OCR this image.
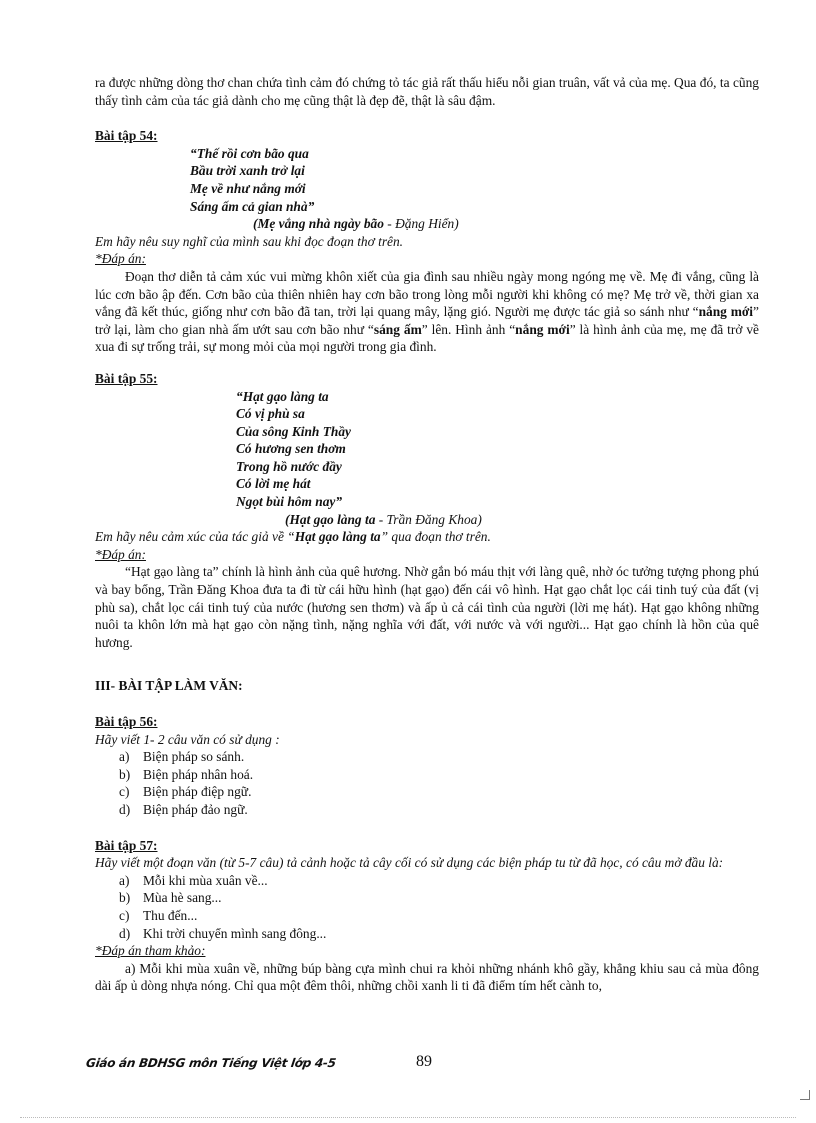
ra được những dòng thơ chan chứa tình cảm đó chứng tỏ tác giả rất thấu hiểu nỗi gian truân, vất vả của mẹ. Qua đó, ta cũng thấy tình cảm của tác giả dành cho mẹ cũng thật là đẹp đẽ, thật là sâu đậm.

Bài tập 54:

“Thế rồi cơn bão qua

Bầu trời xanh trở lại

Mẹ về như nắng mới

Sáng ấm cả gian nhà”

(Mẹ vắng nhà ngày bão - Đặng Hiển)

Em hãy nêu suy nghĩ của mình sau khi đọc đoạn thơ trên.

*Đáp án:

Đoạn thơ diễn tả cảm xúc vui mừng khôn xiết của gia đình sau nhiều ngày mong ngóng mẹ về. Mẹ đi vắng, cũng là lúc cơn bão ập đến. Cơn bão của thiên nhiên hay cơn bão trong lòng mỗi người khi không có mẹ? Mẹ trở về, thời gian xa vắng đã kết thúc, giống như cơn bão đã tan, trời lại quang mây, lặng gió. Người mẹ được tác giả so sánh như “nắng mới” trở lại, làm cho gian nhà ấm ướt sau cơn bão như “sáng ấm” lên. Hình ảnh “nắng mới” là hình ảnh của mẹ, mẹ đã trở về xua đi sự trống trải, sự mong mỏi của mọi người trong gia đình.

Bài tập 55:

“Hạt gạo làng ta

Có vị phù sa

Của sông Kinh Thầy

Có hương sen thơm

Trong hồ nước đầy

Có lời mẹ hát

Ngọt bùi hôm nay”

(Hạt gạo làng ta - Trần Đăng Khoa)

Em hãy nêu cảm xúc của tác giả về “Hạt gạo làng ta” qua đoạn thơ trên.

*Đáp án:

“Hạt gạo làng ta” chính là hình ảnh của quê hương. Nhờ gắn bó máu thịt với làng quê, nhờ óc tưởng tượng phong phú và bay bổng, Trần Đăng Khoa đưa ta đi từ cái hữu hình (hạt gạo) đến cái vô hình. Hạt gạo chắt lọc cái tinh tuý của đất (vị phù sa), chắt lọc cái tinh tuý của nước (hương sen thơm) và ấp ủ cả cái tình của người (lời mẹ hát). Hạt gạo không những nuôi ta khôn lớn mà hạt gạo còn nặng tình, nặng nghĩa với đất, với nước và với người... Hạt gạo chính là hồn của quê hương.

III- BÀI TẬP LÀM VĂN:

Bài tập 56:

Hãy viết 1- 2 câu văn có sử dụng :

a)	Biện pháp so sánh.
b) Biện pháp nhân hoá.
c)	Biện pháp điệp ngữ.
d) Biện pháp đảo ngữ.

Bài tập 57:

Hãy viết một đoạn văn (từ 5-7 câu) tả cảnh hoặc tả cây cối có sử dụng các biện pháp tu từ đã học, có câu mở đầu là:

a)	Mỗi khi mùa xuân về...
b) Mùa hè sang...
c)	Thu đến...
d) Khi trời chuyển mình sang đông...

*Đáp án tham khảo:

a) Mỗi khi mùa xuân về, những búp bàng cựa mình chui ra khỏi những nhánh khô gầy, khẳng khiu sau cả mùa đông dài ấp ủ dòng nhựa nóng. Chỉ qua một đêm thôi, những chồi xanh li ti đã điểm tím hết cành to,

Giáo án BDHSG môn Tiếng Việt lớp 4-5	89
